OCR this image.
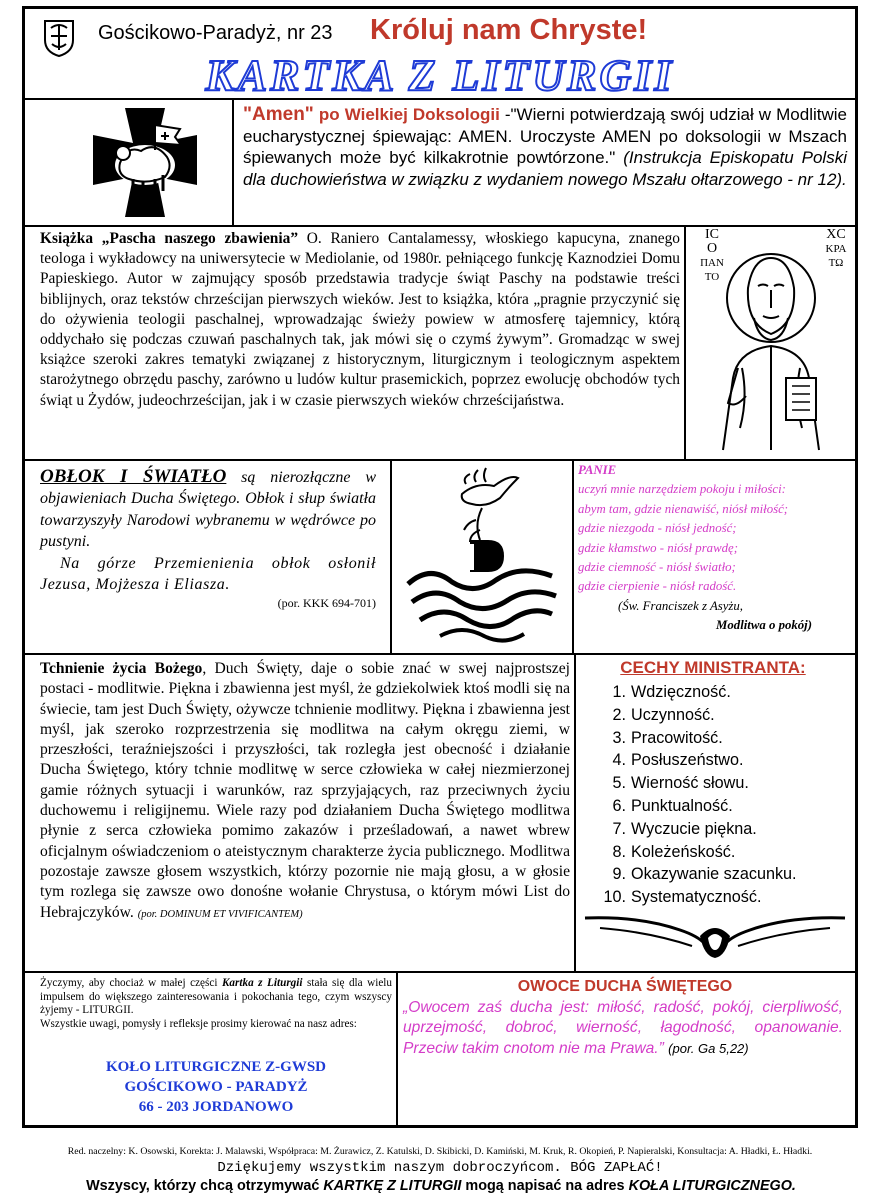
Gościkowo-Paradyż, nr 23 Króluj nam Chryste!
KARTKA Z LITURGII
"Amen" po Wielkiej Doksologii -"Wierni potwierdzają swój udział w Modlitwie eucharystycznej śpiewając: AMEN. Uroczyste AMEN po doksologii w Mszach śpiewanych może być kilkakrotnie powtórzone." (Instrukcja Episkopatu Polski dla duchowieństwa w związku z wydaniem nowego Mszału ołtarzowego - nr 12).
Książka „Pascha naszego zbawienia” O. Raniero Cantalamessy, włoskiego kapucyna, znanego teologa i wykładowcy na uniwersytecie w Mediolanie, od 1980r. pełniącego funkcję Kaznodziei Domu Papieskiego. Autor w zajmujący sposób przedstawia tradycje świąt Paschy na podstawie treści biblijnych, oraz tekstów chrześcijan pierwszych wieków. Jest to książka, która „pragnie przyczynić się do ożywienia teologii paschalnej, wprowadzając świeży powiew w atmosferę tajemnicy, którą oddychało się podczas czuwań paschalnych tak, jak mówi się o czymś żywym”. Gromadząc w swej książce szeroki zakres tematyki związanej z historycznym, liturgicznym i teologicznym aspektem starożytnego obrzędu paschy, zarówno u ludów kultur prasemickich, poprzez ewolucję obchodów tych świąt u Żydów, judeochrześcijan, jak i w czasie pierwszych wieków chrześcijaństwa.
IC
O
ΠΑΝ
ΤΟ
XC
KPA
ΤΩ
OBŁOK I ŚWIATŁO są nierozłączne w objawieniach Ducha Świętego. Obłok i słup światła towarzyszyły Narodowi wybranemu w wędrówce po pustyni.
Na górze Przemienienia obłok osłonił Jezusa, Mojżesza i Eliasza.
(por. KKK 694-701)
PANIE
uczyń mnie narzędziem pokoju i miłości:
abym tam, gdzie nienawiść, niósł miłość;
gdzie niezgoda - niósł jedność;
gdzie kłamstwo - niósł prawdę;
gdzie ciemność - niósł światło;
gdzie cierpienie - niósł radość.
(Św. Franciszek z Asyżu,
Modlitwa o pokój)
Tchnienie życia Bożego, Duch Święty, daje o sobie znać w swej najprostszej postaci - modlitwie. Piękna i zbawienna jest myśl, że gdziekolwiek ktoś modli się na świecie, tam jest Duch Święty, ożywcze tchnienie modlitwy. Piękna i zbawienna jest myśl, jak szeroko rozprzestrzenia się modlitwa na całym okręgu ziemi, w przeszłości, teraźniejszości i przyszłości, tak rozległa jest obecność i działanie Ducha Świętego, który tchnie modlitwę w serce człowieka w całej niezmierzonej gamie różnych sytuacji i warunków, raz sprzyjających, raz przeciwnych życiu duchowemu i religijnemu. Wiele razy pod działaniem Ducha Świętego modlitwa płynie z serca człowieka pomimo zakazów i prześladowań, a nawet wbrew oficjalnym oświadczeniom o ateistycznym charakterze życia publicznego. Modlitwa pozostaje zawsze głosem wszystkich, którzy pozornie nie mają głosu, a w głosie tym rozlega się zawsze owo donośne wołanie Chrystusa, o którym mówi List do Hebrajczyków. (por. DOMINUM ET VIVIFICANTEM)
CECHY MINISTRANTA:
1. Wdzięczność.
2. Uczynność.
3. Pracowitość.
4. Posłuszeństwo.
5. Wierność słowu.
6. Punktualność.
7. Wyczucie piękna.
8. Koleżeńskość.
9. Okazywanie szacunku.
10. Systematyczność.
Życzymy, aby chociaż w małej części Kartka z Liturgii stała się dla wielu impulsem do większego zainteresowania i pokochania tego, czym wszyscy żyjemy - LITURGII.
Wszystkie uwagi, pomysły i refleksje prosimy kierować na nasz adres:
KOŁO LITURGICZNE Z-GWSD
GOŚCIKOWO - PARADYŻ
66 - 203 JORDANOWO
OWOCE DUCHA ŚWIĘTEGO
„Owocem zaś ducha jest: miłość, radość, pokój, cierpliwość, uprzejmość, dobroć, wierność, łagodność, opanowanie. Przeciw takim cnotom nie ma Prawa.” (por. Ga 5,22)
Red. naczelny: K. Osowski, Korekta: J. Malawski, Współpraca: M. Żurawicz, Z. Katulski, D. Skibicki, D. Kamiński, M. Kruk, R. Okopień, P. Napieralski, Konsultacja: A. Hładki, Ł. Hładki.
Dziękujemy wszystkim naszym dobroczyńcom. BÓG ZAPŁAĆ!
Wszyscy, którzy chcą otrzymywać KARTKĘ Z LITURGII mogą napisać na adres KOŁA LITURGICZNEGO.
